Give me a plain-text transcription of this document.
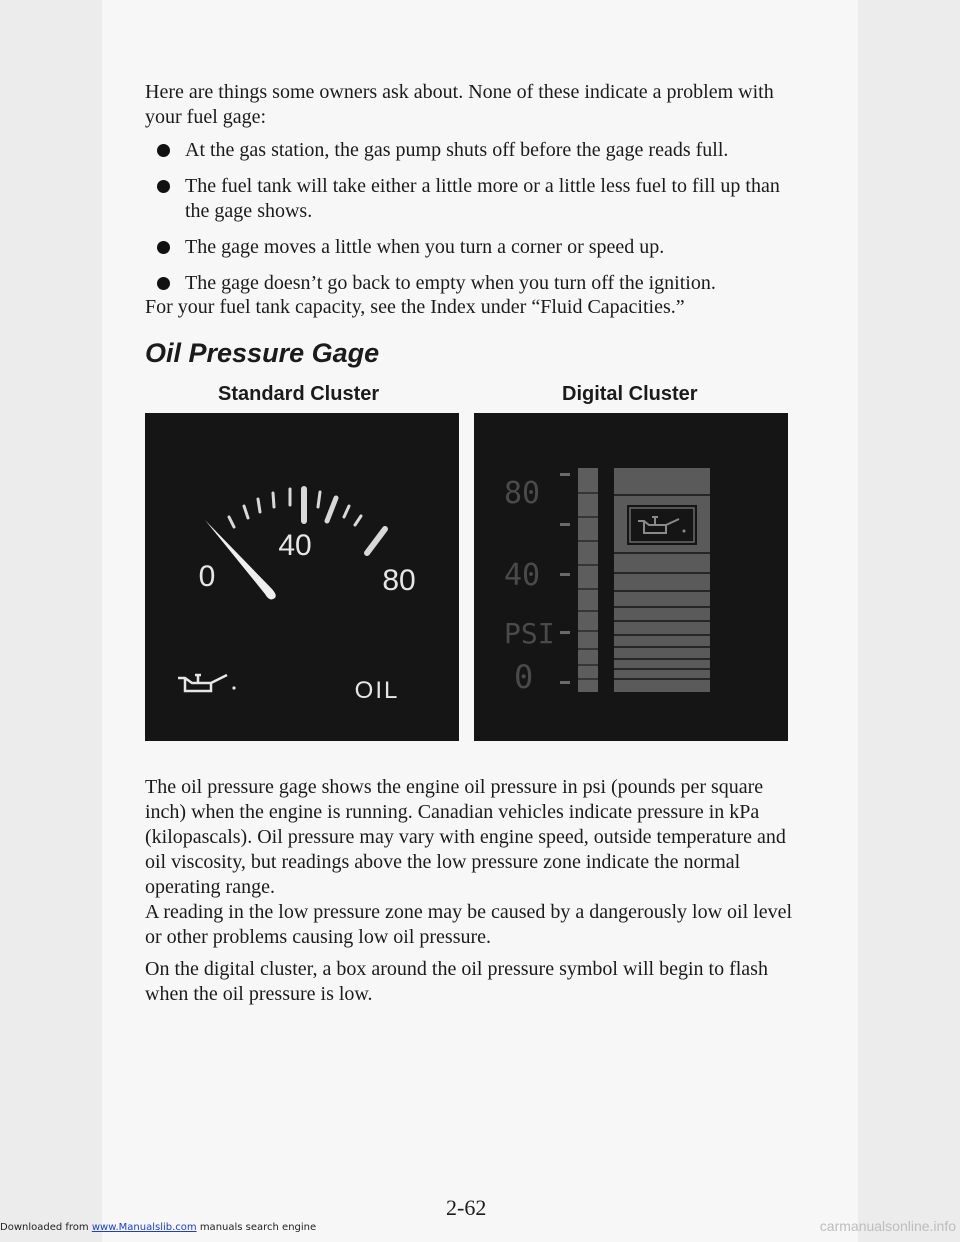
Here are things some owners ask about. None of these indicate a problem with your fuel gage:

At the gas station, the gas pump shuts off before the gage reads full.
The fuel tank will take either a little more or a little less fuel to fill up than the gage shows.
The gage moves a little when you turn a corner or speed up.
The gage doesn’t go back to empty when you turn off the ignition.

For your fuel tank capacity, see the Index under “Fluid Capacities.”

Oil Pressure Gage
Standard Cluster	Digital Cluster
40
0	80
OIL
80
40
PSI
0

The oil pressure gage shows the engine oil pressure in psi (pounds per square inch) when the engine is running. Canadian vehicles indicate pressure in kPa (kilopascals). Oil pressure may vary with engine speed, outside temperature and oil viscosity, but readings above the low pressure zone indicate the normal operating range.

A reading in the low pressure zone may be caused by a dangerously low oil level or other problems causing low oil pressure.

On the digital cluster, a box around the oil pressure symbol will begin to flash when the oil pressure is low.

2-62
Downloaded from www.Manualslib.com manuals search engine	carmanualsonline.info
